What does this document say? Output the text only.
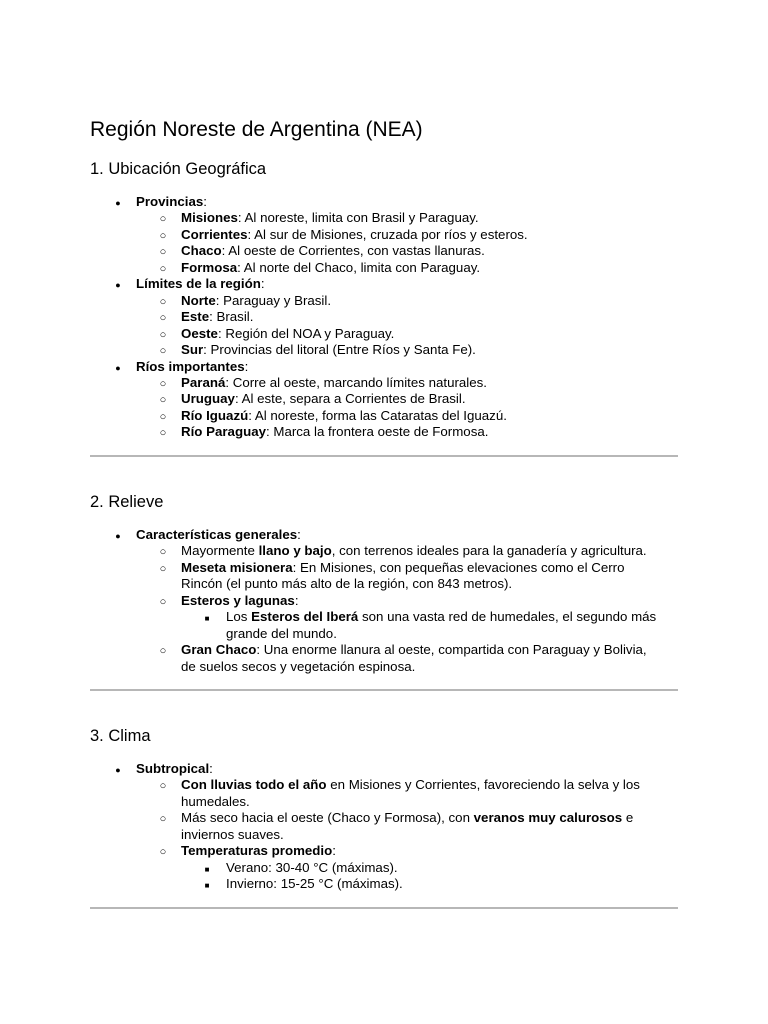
Región Noreste de Argentina (NEA)
1. Ubicación Geográfica
●
Provincias:
○
Misiones: Al noreste, limita con Brasil y Paraguay.
○
Corrientes: Al sur de Misiones, cruzada por ríos y esteros.
○
Chaco: Al oeste de Corrientes, con vastas llanuras.
○
Formosa: Al norte del Chaco, limita con Paraguay.
●
Límites de la región:
○
Norte: Paraguay y Brasil.
○
Este: Brasil.
○
Oeste: Región del NOA y Paraguay.
○
Sur: Provincias del litoral (Entre Ríos y Santa Fe).
●
Ríos importantes:
○
Paraná: Corre al oeste, marcando límites naturales.
○
Uruguay: Al este, separa a Corrientes de Brasil.
○
Río Iguazú: Al noreste, forma las Cataratas del Iguazú.
○
Río Paraguay: Marca la frontera oeste de Formosa.
2. Relieve
●
Características generales:
○
Mayormente llano y bajo, con terrenos ideales para la ganadería y agricultura.
○
Meseta misionera: En Misiones, con pequeñas elevaciones como el Cerro
Rincón (el punto más alto de la región, con 843 metros).
○
Esteros y lagunas:
■
Los Esteros del Iberá son una vasta red de humedales, el segundo más
grande del mundo.
○
Gran Chaco: Una enorme llanura al oeste, compartida con Paraguay y Bolivia,
de suelos secos y vegetación espinosa.
3. Clima
●
Subtropical:
○
Con lluvias todo el año en Misiones y Corrientes, favoreciendo la selva y los
humedales.
○
Más seco hacia el oeste (Chaco y Formosa), con veranos muy calurosos e
inviernos suaves.
○
Temperaturas promedio:
■
Verano: 30-40 °C (máximas).
■
Invierno: 15-25 °C (máximas).
